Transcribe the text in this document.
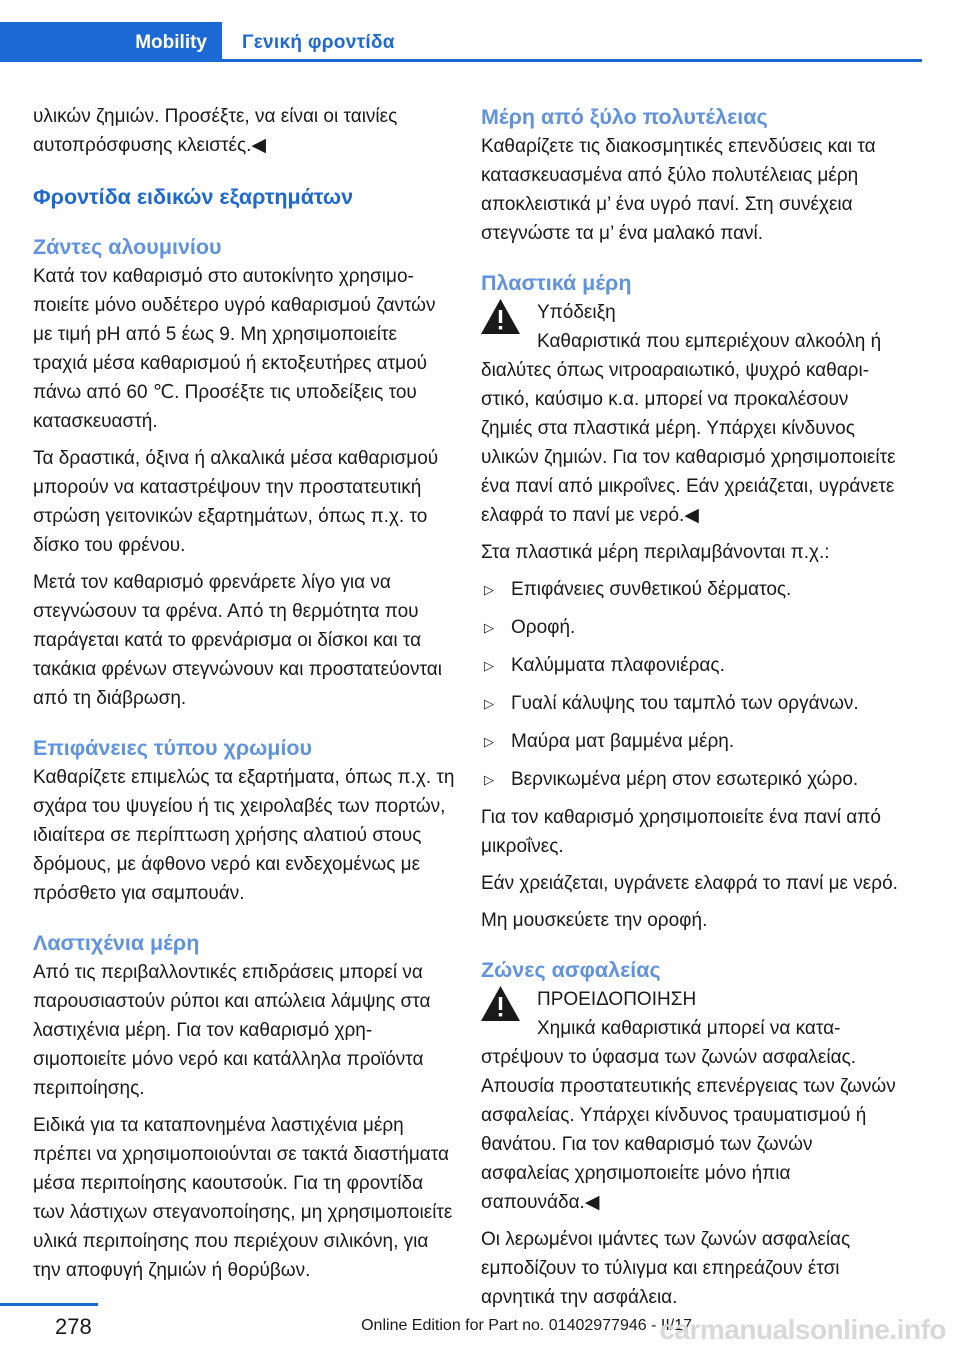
Mobility	Γενική φροντίδα

υλικών ζημιών. Προσέξτε, να είναι οι ταινίες αυτοπρόσφυσης κλειστές.◀

Φροντίδα ειδικών εξαρτημάτων
Ζάντες αλουμινίου

Κατά τον καθαρισμό στο αυτοκίνητο χρησιμοποιείτε μόνο ουδέτερο υγρό καθαρισμού ζαντών με τιμή pH από 5 έως 9. Μη χρησιμοποιείτε τραχιά μέσα καθαρισμού ή εκτοξευτήρες ατμού πάνω από 60 ℃. Προσέξτε τις υποδείξεις του κατασκευαστή.

Τα δραστικά, όξινα ή αλκαλικά μέσα καθαρισμού μπορούν να καταστρέψουν την προστατευτική στρώση γειτονικών εξαρτημάτων, όπως π.χ. το δίσκο του φρένου.

Μετά τον καθαρισμό φρενάρετε λίγο για να στεγνώσουν τα φρένα. Από τη θερμότητα που παράγεται κατά το φρενάρισμα οι δίσκοι και τα τακάκια φρένων στεγνώνουν και προστατεύονται από τη διάβρωση.

Επιφάνειες τύπου χρωμίου

Καθαρίζετε επιμελώς τα εξαρτήματα, όπως π.χ. τη σχάρα του ψυγείου ή τις χειρολαβές των πορτών, ιδιαίτερα σε περίπτωση χρήσης αλατιού στους δρόμους, με άφθονο νερό και ενδεχομένως με πρόσθετο για σαμπουάν.

Λαστιχένια μέρη

Από τις περιβαλλοντικές επιδράσεις μπορεί να παρουσιαστούν ρύποι και απώλεια λάμψης στα λαστιχένια μέρη. Για τον καθαρισμό χρησιμοποιείτε μόνο νερό και κατάλληλα προϊόντα περιποίησης.

Ειδικά για τα καταπονημένα λαστιχένια μέρη πρέπει να χρησιμοποιούνται σε τακτά διαστήματα μέσα περιποίησης καουτσούκ. Για τη φροντίδα των λάστιχων στεγανοποίησης, μη χρησιμοποιείτε υλικά περιποίησης που περιέχουν σιλικόνη, για την αποφυγή ζημιών ή θορύβων.

Μέρη από ξύλο πολυτέλειας

Καθαρίζετε τις διακοσμητικές επενδύσεις και τα κατασκευασμένα από ξύλο πολυτέλειας μέρη αποκλειστικά μ’ ένα υγρό πανί. Στη συνέχεια στεγνώστε τα μ’ ένα μαλακό πανί.

Πλαστικά μέρη

Υπόδειξη

Καθαριστικά που εμπεριέχουν αλκοόλη ή διαλύτες όπως νιτροαραιωτικό, ψυχρό καθαριστικό, καύσιμο κ.α. μπορεί να προκαλέσουν ζημιές στα πλαστικά μέρη. Υπάρχει κίνδυνος υλικών ζημιών. Για τον καθαρισμό χρησιμοποιείτε ένα πανί από μικροΐνες. Εάν χρειάζεται, υγράνετε ελαφρά το πανί με νερό.◀

Στα πλαστικά μέρη περιλαμβάνονται π.χ.:

▷ Επιφάνειες συνθετικού δέρματος.
▷ Οροφή.
▷ Καλύμματα πλαφονιέρας.
▷ Γυαλί κάλυψης του ταμπλό των οργάνων.
▷ Μαύρα ματ βαμμένα μέρη.
▷ Βερνικωμένα μέρη στον εσωτερικό χώρο.

Για τον καθαρισμό χρησιμοποιείτε ένα πανί από μικροΐνες.

Εάν χρειάζεται, υγράνετε ελαφρά το πανί με νερό.

Μη μουσκεύετε την οροφή.

Ζώνες ασφαλείας

ΠΡΟΕΙΔΟΠΟΙΗΣΗ

Χημικά καθαριστικά μπορεί να καταστρέψουν το ύφασμα των ζωνών ασφαλείας. Απουσία προστατευτικής επενέργειας των ζωνών ασφαλείας. Υπάρχει κίνδυνος τραυματισμού ή θανάτου. Για τον καθαρισμό των ζωνών ασφαλείας χρησιμοποιείτε μόνο ήπια σαπουνάδα.◀

Οι λερωμένοι ιμάντες των ζωνών ασφαλείας εμποδίζουν το τύλιγμα και επηρεάζουν έτσι αρνητικά την ασφάλεια.

278	Online Edition for Part no. 01402977946 - II/17
carmanualsonline.info
